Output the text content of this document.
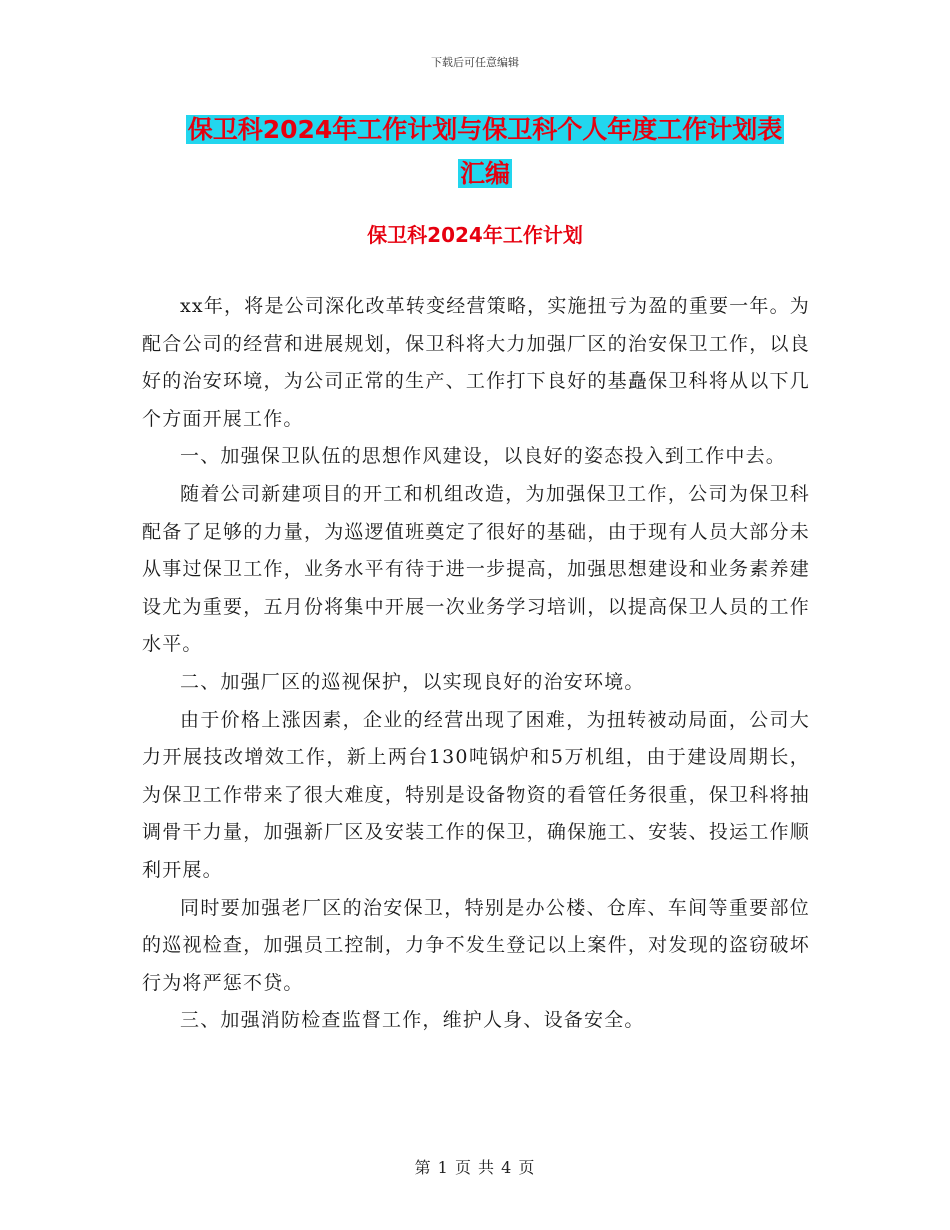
下载后可任意编辑
保卫科2024年工作计划与保卫科个人年度工作计划表
汇编
保卫科2024年工作计划

xx年，将是公司深化改革转变经营策略，实施扭亏为盈的重要一年。为配合公司的经营和进展规划，保卫科将大力加强厂区的治安保卫工作，以良好的治安环境，为公司正常的生产、工作打下良好的基矗保卫科将从以下几个方面开展工作。

一、加强保卫队伍的思想作风建设，以良好的姿态投入到工作中去。

随着公司新建项目的开工和机组改造，为加强保卫工作，公司为保卫科配备了足够的力量，为巡逻值班奠定了很好的基础，由于现有人员大部分未从事过保卫工作，业务水平有待于进一步提高，加强思想建设和业务素养建设尤为重要，五月份将集中开展一次业务学习培训，以提高保卫人员的工作水平。

二、加强厂区的巡视保护，以实现良好的治安环境。

由于价格上涨因素，企业的经营出现了困难，为扭转被动局面，公司大力开展技改增效工作，新上两台130吨锅炉和5万机组，由于建设周期长，为保卫工作带来了很大难度，特别是设备物资的看管任务很重，保卫科将抽调骨干力量，加强新厂区及安装工作的保卫，确保施工、安装、投运工作顺利开展。

同时要加强老厂区的治安保卫，特别是办公楼、仓库、车间等重要部位的巡视检查，加强员工控制，力争不发生登记以上案件，对发现的盗窃破坏行为将严惩不贷。

三、加强消防检查监督工作，维护人身、设备安全。

第 1 页 共 4 页
